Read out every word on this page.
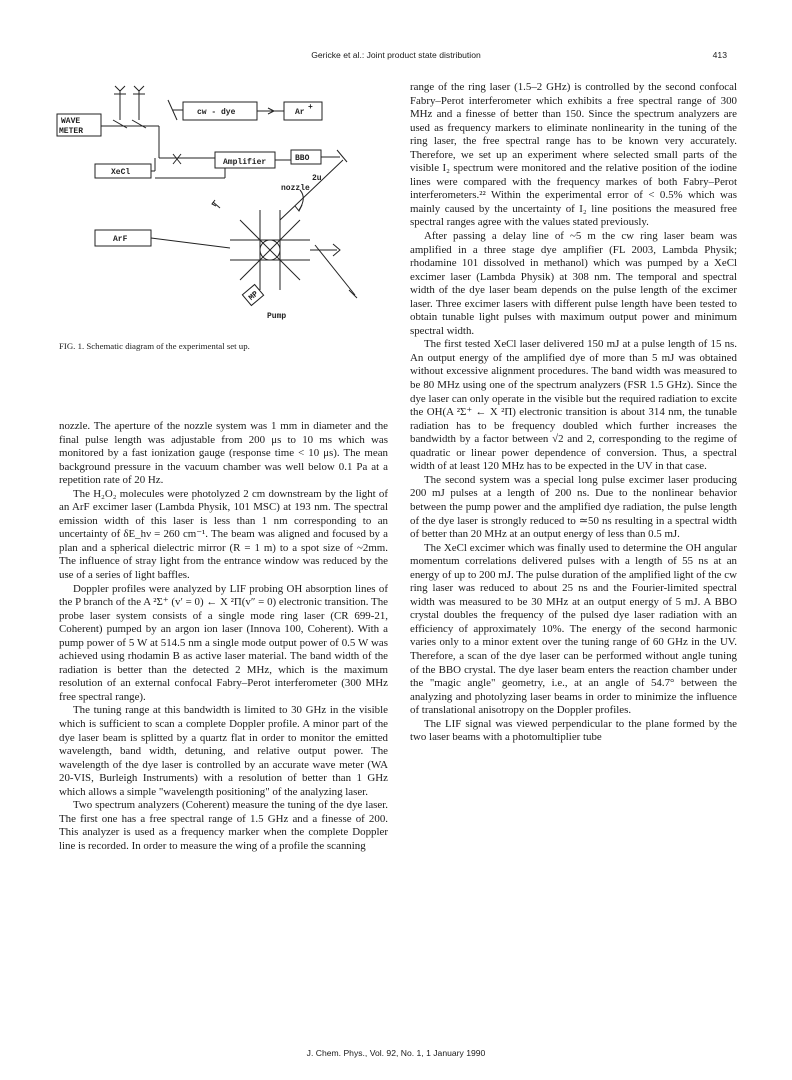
Gericke et al.: Joint product state distribution	413
WAVE
METER
cw - dye	Ar
+
Amplifier	BBO
XeCl
2u
nozzle
ArF
MP
Pump
FIG. 1. Schematic diagram of the experimental set up.

nozzle. The aperture of the nozzle system was 1 mm in diameter and the final pulse length was adjustable from 200 μs to 10 ms which was monitored by a fast ionization gauge (response time < 10 μs). The mean background pressure in the vacuum chamber was well below 0.1 Pa at a repetition rate of 20 Hz.

The H₂O₂ molecules were photolyzed 2 cm downstream by the light of an ArF excimer laser (Lambda Physik, 101 MSC) at 193 nm. The spectral emission width of this laser is less than 1 nm corresponding to an uncertainty of δE_hν = 260 cm⁻¹. The beam was aligned and focused by a plan and a spherical dielectric mirror (R = 1 m) to a spot size of ~2mm. The influence of stray light from the entrance window was reduced by the use of a series of light baffles.

Doppler profiles were analyzed by LIF probing OH absorption lines of the P branch of the A ²Σ⁺ (v′ = 0) ← X ²Π(v″ = 0) electronic transition. The probe laser system consists of a single mode ring laser (CR 699-21, Coherent) pumped by an argon ion laser (Innova 100, Coherent). With a pump power of 5 W at 514.5 nm a single mode output power of 0.5 W was achieved using rhodamin B as active laser material. The band width of the radiation is better than the detected 2 MHz, which is the maximum resolution of an external confocal Fabry–Perot interferometer (300 MHz free spectral range).

The tuning range at this bandwidth is limited to 30 GHz in the visible which is sufficient to scan a complete Doppler profile. A minor part of the dye laser beam is splitted by a quartz flat in order to monitor the emitted wavelength, band width, detuning, and relative output power. The wavelength of the dye laser is controlled by an accurate wave meter (WA 20-VIS, Burleigh Instruments) with a resolution of better than 1 GHz which allows a simple "wavelength positioning" of the analyzing laser.

Two spectrum analyzers (Coherent) measure the tuning of the dye laser. The first one has a free spectral range of 1.5 GHz and a finesse of 200. This analyzer is used as a frequency marker when the complete Doppler line is recorded. In order to measure the wing of a profile the scanning

range of the ring laser (1.5–2 GHz) is controlled by the second confocal Fabry–Perot interferometer which exhibits a free spectral range of 300 MHz and a finesse of better than 150. Since the spectrum analyzers are used as frequency markers to eliminate nonlinearity in the tuning of the ring laser, the free spectral range has to be known very accurately. Therefore, we set up an experiment where selected small parts of the visible I₂ spectrum were monitored and the relative position of the iodine lines were compared with the frequency markes of both Fabry–Perot interferometers.²² Within the experimental error of < 0.5% which was mainly caused by the uncertainty of I₂ line positions the measured free spectral ranges agree with the values stated previously.

After passing a delay line of ~5 m the cw ring laser beam was amplified in a three stage dye amplifier (FL 2003, Lambda Physik; rhodamine 101 dissolved in methanol) which was pumped by a XeCl excimer laser (Lambda Physik) at 308 nm. The temporal and spectral width of the dye laser beam depends on the pulse length of the excimer laser. Three excimer lasers with different pulse length have been tested to obtain tunable light pulses with maximum output power and minimum spectral width.

The first tested XeCl laser delivered 150 mJ at a pulse length of 15 ns. An output energy of the amplified dye of more than 5 mJ was obtained without excessive alignment procedures. The band width was measured to be 80 MHz using one of the spectrum analyzers (FSR 1.5 GHz). Since the dye laser can only operate in the visible but the required radiation to excite the OH(A ²Σ⁺ ← X ²Π) electronic transition is about 314 nm, the tunable radiation has to be frequency doubled which further increases the bandwidth by a factor between √2 and 2, corresponding to the regime of quadratic or linear power dependence of conversion. Thus, a spectral width of at least 120 MHz has to be expected in the UV in that case.

The second system was a special long pulse excimer laser producing 200 mJ pulses at a length of 200 ns. Due to the nonlinear behavior between the pump power and the amplified dye radiation, the pulse length of the dye laser is strongly reduced to ≃50 ns resulting in a spectral width of better than 20 MHz at an output energy of less than 0.5 mJ.

The XeCl excimer which was finally used to determine the OH angular momentum correlations delivered pulses with a length of 55 ns at an energy of up to 200 mJ. The pulse duration of the amplified light of the cw ring laser was reduced to about 25 ns and the Fourier-limited spectral width was measured to be 30 MHz at an output energy of 5 mJ. A BBO crystal doubles the frequency of the pulsed dye laser radiation with an efficiency of approximately 10%. The energy of the second harmonic varies only to a minor extent over the tuning range of 60 GHz in the UV. Therefore, a scan of the dye laser can be performed without angle tuning of the BBO crystal. The dye laser beam enters the reaction chamber under the "magic angle" geometry, i.e., at an angle of 54.7° between the analyzing and photolyzing laser beams in order to minimize the influence of translational anisotropy on the Doppler profiles.

The LIF signal was viewed perpendicular to the plane formed by the two laser beams with a photomultiplier tube

J. Chem. Phys., Vol. 92, No. 1, 1 January 1990
